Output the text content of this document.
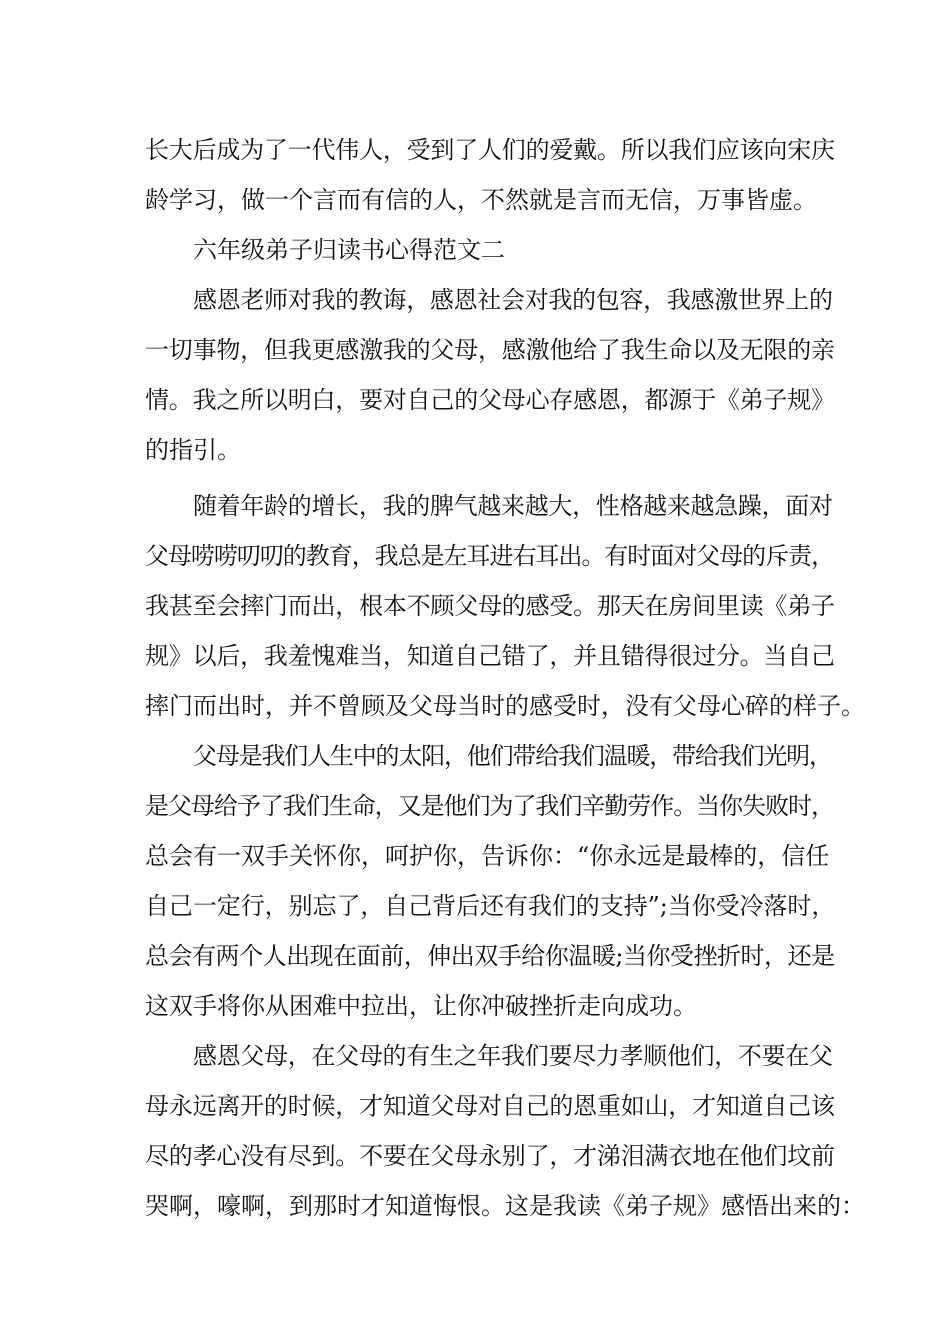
长大后成为了一代伟人，受到了人们的爱戴。所以我们应该向宋庆
龄学习，做一个言而有信的人，不然就是言而无信，万事皆虚。
六年级弟子归读书心得范文二
感恩老师对我的教诲，感恩社会对我的包容，我感激世界上的
一切事物，但我更感激我的父母，感激他给了我生命以及无限的亲
情。我之所以明白，要对自己的父母心存感恩，都源于《弟子规》
的指引。
随着年龄的增长，我的脾气越来越大，性格越来越急躁，面对
父母唠唠叨叨的教育，我总是左耳进右耳出。有时面对父母的斥责，
我甚至会摔门而出，根本不顾父母的感受。那天在房间里读《弟子
规》以后，我羞愧难当，知道自己错了，并且错得很过分。当自己
摔门而出时，并不曾顾及父母当时的感受时，没有父母心碎的样子。
父母是我们人生中的太阳，他们带给我们温暖，带给我们光明，
是父母给予了我们生命，又是他们为了我们辛勤劳作。当你失败时，
总会有一双手关怀你，呵护你，告诉你：“你永远是最棒的，信任
自己一定行，别忘了，自己背后还有我们的支持”;当你受冷落时，
总会有两个人出现在面前，伸出双手给你温暖;当你受挫折时，还是
这双手将你从困难中拉出，让你冲破挫折走向成功。
感恩父母，在父母的有生之年我们要尽力孝顺他们，不要在父
母永远离开的时候，才知道父母对自己的恩重如山，才知道自己该
尽的孝心没有尽到。不要在父母永别了，才涕泪满衣地在他们坟前
哭啊，嚎啊，到那时才知道悔恨。这是我读《弟子规》感悟出来的：
